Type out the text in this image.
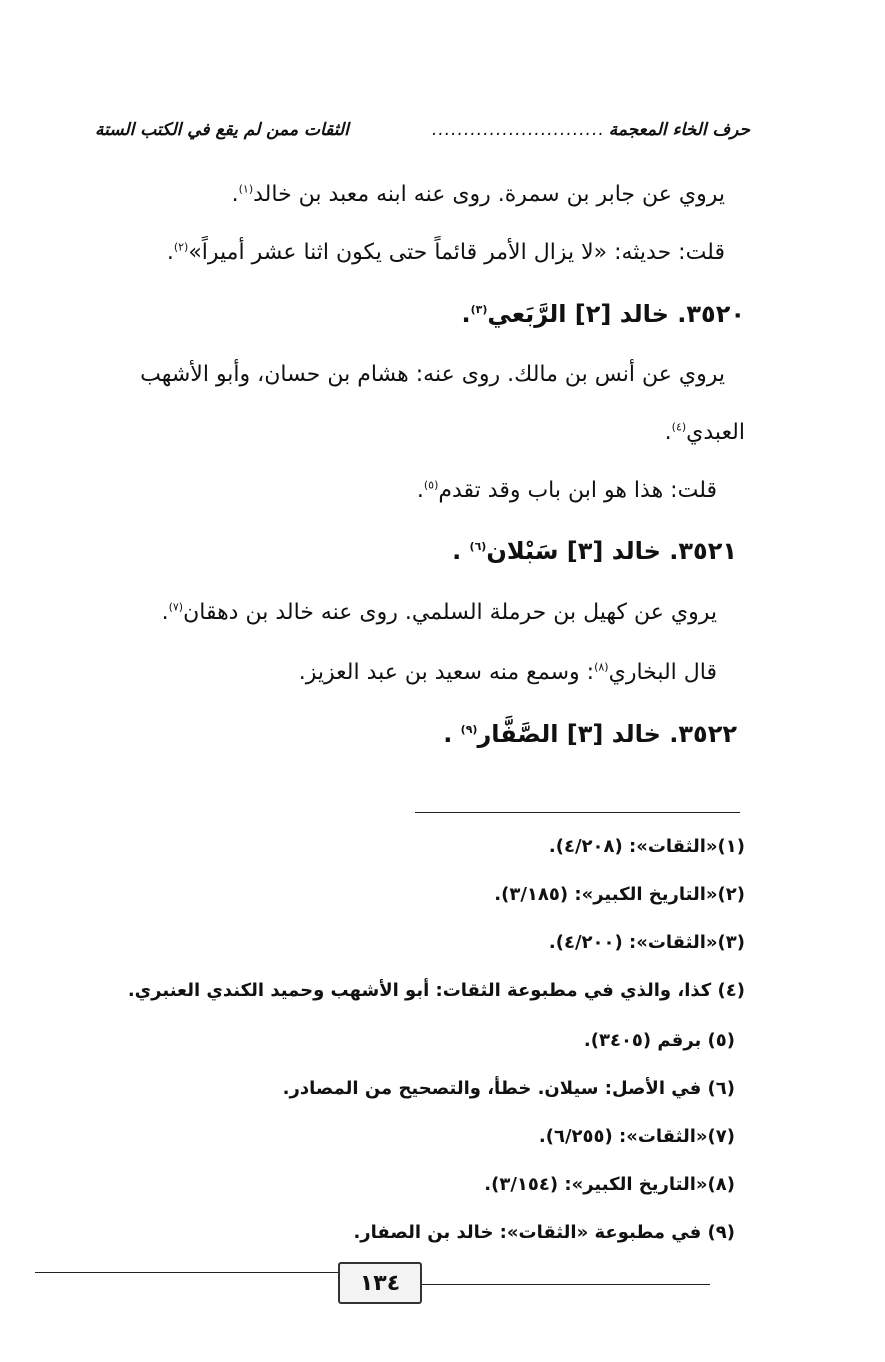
حرف الخاء المعجمة
...........................
الثقات ممن لم يقع في الكتب الستة
يروي عن جابر بن سمرة. روى عنه ابنه معبد بن خالد$^{(١)}$.
قلت: حديثه: «لا يزال الأمر قائماً حتى يكون اثنا عشر أميراً»$^{(٢)}$.
٣٥٢٠. خالد [٢] الرَّبَعي$^{(٣)}$.
يروي عن أنس بن مالك. روى عنه: هشام بن حسان، وأبو الأشهب
العبدي$^{(٤)}$.
قلت: هذا هو ابن باب وقد تقدم$^{(٥)}$.
٣٥٢١. خالد [٣] سَبْلان$^{(٦)}$ .
يروي عن كهيل بن حرملة السلمي. روى عنه خالد بن دهقان$^{(٧)}$.
قال البخاري$^{(٨)}$: وسمع منه سعيد بن عبد العزيز.
٣٥٢٢. خالد [٣] الصَّفَّار$^{(٩)}$ .
(١)«الثقات»: (٤/٢٠٨).
(٢)«التاريخ الكبير»: (٣/١٨٥).
(٣)«الثقات»: (٤/٢٠٠).
(٤) كذا، والذي في مطبوعة الثقات: أبو الأشهب وحميد الكندي العنبري.
(٥) برقم (٣٤٠٥).
(٦) في الأصل: سيلان. خطأ، والتصحيح من المصادر.
(٧)«الثقات»: (٦/٢٥٥).
(٨)«التاريخ الكبير»: (٣/١٥٤).
(٩) في مطبوعة «الثقات»: خالد بن الصفار.
١٣٤
